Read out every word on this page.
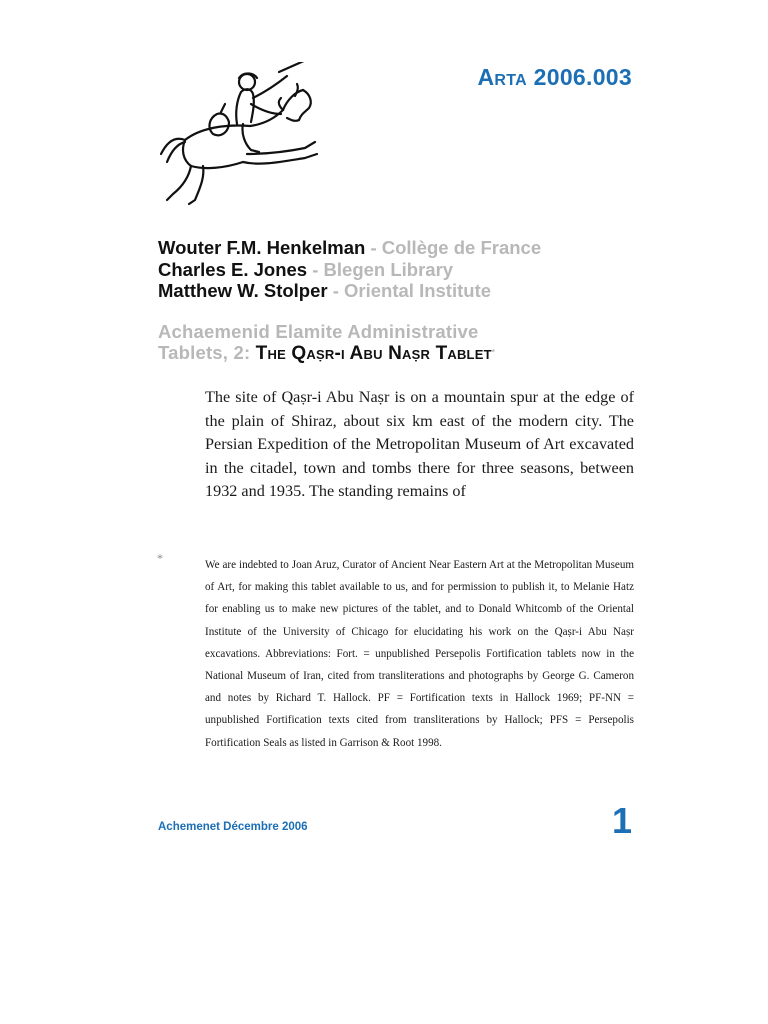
Arta 2006.003
Wouter F.M. Henkelman - Collège de France
Charles E. Jones - Blegen Library
Matthew W. Stolper - Oriental Institute
Achaemenid Elamite Administrative
Tablets, 2: The Qaṣr-i Abu Naṣr Tablet*

The site of Qaṣr-i Abu Naṣr is on a mountain spur at the edge of the plain of Shiraz, about six km east of the modern city. The Persian Expedition of the Metropolitan Museum of Art excavated in the citadel, town and tombs there for three seasons, between 1932 and 1935. The standing remains of

*	We are indebted to Joan Aruz, Curator of Ancient Near Eastern Art at the Metropolitan Museum of Art, for making this tablet available to us, and for permission to publish it, to Melanie Hatz for enabling us to make new pictures of the tablet, and to Donald Whitcomb of the Oriental Institute of the University of Chicago for elucidating his work on the Qaṣr-i Abu Naṣr excavations. Abbreviations: Fort. = unpublished Persepolis Fortification tablets now in the National Museum of Iran, cited from transliterations and photographs by George G. Cameron and notes by Richard T. Hallock. PF = Fortification texts in Hallock 1969; PF-NN = unpublished Fortification texts cited from transliterations by Hallock; PFS = Persepolis Fortification Seals as listed in Garrison & Root 1998.

Achemenet Décembre 2006	1
